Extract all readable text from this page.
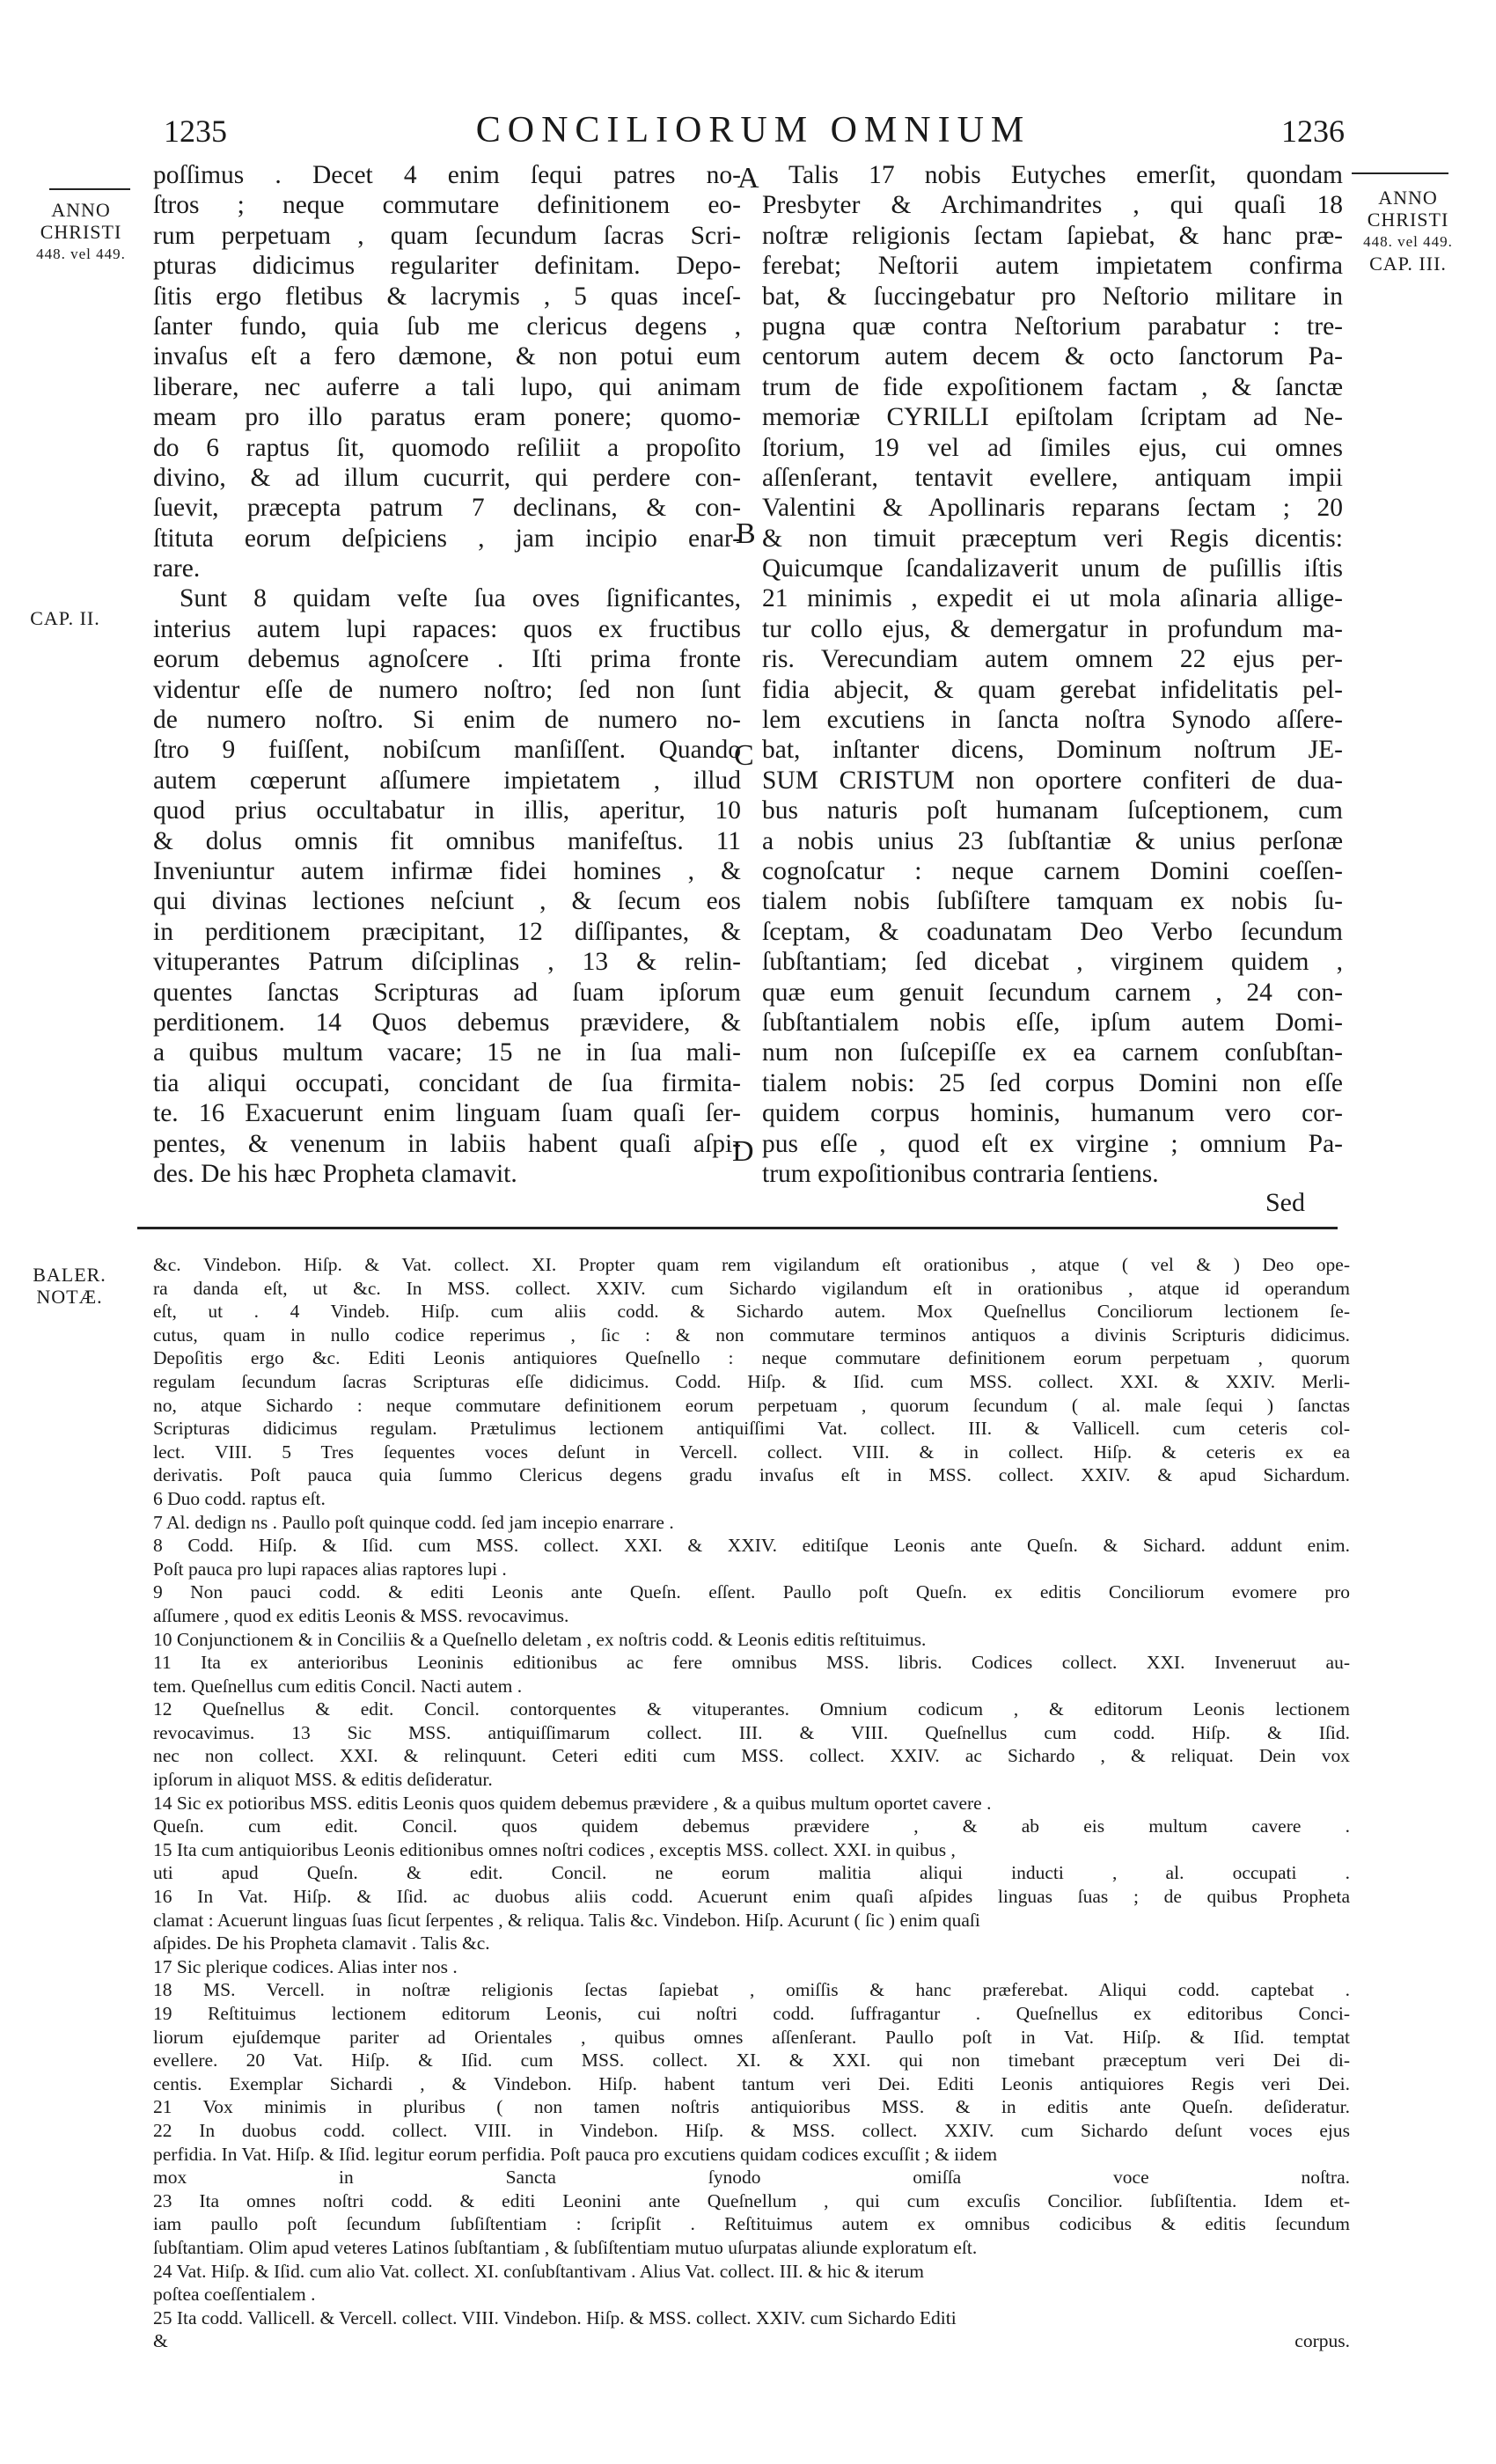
1235	CONCILIORUM OMNIUM	1236
ANNO
CHRISTI
448. vel 449.
CAP. II.
ANNO
CHRISTI
448. vel 449.
CAP. III.
A
B
C
D
poſſimus . Decet 4 enim ſequi patres no-
ſtros ; neque commutare definitionem eo-
rum perpetuam , quam ſecundum ſacras Scri-
pturas didicimus regulariter definitam. Depo-
ſitis ergo fletibus & lacrymis , 5 quas inceſ-
ſanter fundo, quia ſub me clericus degens ,
invaſus eſt a fero dæmone, & non potui eum
liberare, nec auferre a tali lupo, qui animam
meam pro illo paratus eram ponere; quomo-
do 6 raptus ſit, quomodo reſiliit a propoſito
divino, & ad illum cucurrit, qui perdere con-
ſuevit, præcepta patrum 7 declinans, & con-
ſtituta eorum deſpiciens , jam incipio enar-
rare.
Sunt 8 quidam veſte ſua oves ſignificantes,
interius autem lupi rapaces: quos ex fructibus
eorum debemus agnoſcere . Iſti prima fronte
videntur eſſe de numero noſtro; ſed non ſunt
de numero noſtro. Si enim de numero no-
ſtro 9 fuiſſent, nobiſcum manſiſſent. Quando
autem cœperunt aſſumere impietatem , illud
quod prius occultabatur in illis, aperitur, 10
& dolus omnis fit omnibus manifeſtus. 11
Inveniuntur autem infirmæ fidei homines , &
qui divinas lectiones neſciunt , & ſecum eos
in perditionem præcipitant, 12 diſſipantes, &
vituperantes Patrum diſciplinas , 13 & relin-
quentes ſanctas Scripturas ad ſuam ipſorum
perditionem. 14 Quos debemus prævidere, &
a quibus multum vacare; 15 ne in ſua mali-
tia aliqui occupati, concidant de ſua firmita-
te. 16 Exacuerunt enim linguam ſuam quaſi ſer-
pentes, & venenum in labiis habent quaſi aſpi-
des. De his hæc Propheta clamavit.
Talis 17 nobis Eutyches emerſit, quondam
Presbyter & Archimandrites , qui quaſi 18
noſtræ religionis ſectam ſapiebat, & hanc præ-
ferebat; Neſtorii autem impietatem confirma
bat, & ſuccingebatur pro Neſtorio militare in
pugna quæ contra Neſtorium parabatur : tre-
centorum autem decem & octo ſanctorum Pa-
trum de fide expoſitionem factam , & ſanctæ
memoriæ CYRILLI epiſtolam ſcriptam ad Ne-
ſtorium, 19 vel ad ſimiles ejus, cui omnes
aſſenſerant, tentavit evellere, antiquam impii
Valentini & Apollinaris reparans ſectam ; 20
& non timuit præceptum veri Regis dicentis:
Quicumque ſcandalizaverit unum de puſillis iſtis
21 minimis , expedit ei ut mola aſinaria allige-
tur collo ejus, & demergatur in profundum ma-
ris. Verecundiam autem omnem 22 ejus per-
fidia abjecit, & quam gerebat infidelitatis pel-
lem excutiens in ſancta noſtra Synodo aſſere-
bat, inſtanter dicens, Dominum noſtrum JE-
SUM CRISTUM non oportere confiteri de dua-
bus naturis poſt humanam ſuſceptionem, cum
a nobis unius 23 ſubſtantiæ & unius perſonæ
cognoſcatur : neque carnem Domini coeſſen-
tialem nobis ſubſiſtere tamquam ex nobis ſu-
ſceptam, & coadunatam Deo Verbo ſecundum
ſubſtantiam; ſed dicebat , virginem quidem ,
quæ eum genuit ſecundum carnem , 24 con-
ſubſtantialem nobis eſſe, ipſum autem Domi-
num non ſuſcepiſſe ex ea carnem conſubſtan-
tialem nobis: 25 ſed corpus Domini non eſſe
quidem corpus hominis, humanum vero cor-
pus eſſe , quod eſt ex virgine ; omnium Pa-
trum expoſitionibus contraria ſentiens.
Sed
BALER.
NOTÆ.
&c. Vindebon. Hiſp. & Vat. collect. XI. Propter quam rem vigilandum eſt orationibus , atque ( vel & ) Deo ope-
ra danda eſt, ut &c. In MSS. collect. XXIV. cum Sichardo vigilandum eſt in orationibus , atque id operandum
eſt, ut . 4 Vindeb. Hiſp. cum aliis codd. & Sichardo autem. Mox Queſnellus Conciliorum lectionem ſe-
cutus, quam in nullo codice reperimus , ſic : & non commutare terminos antiquos a divinis Scripturis didicimus.
Depoſitis ergo &c. Editi Leonis antiquiores Queſnello : neque commutare definitionem eorum perpetuam , quorum
regulam ſecundum ſacras Scripturas eſſe didicimus. Codd. Hiſp. & Iſid. cum MSS. collect. XXI. & XXIV. Merli-
no, atque Sichardo : neque commutare definitionem eorum perpetuam , quorum ſecundum ( al. male ſequi ) ſanctas
Scripturas didicimus regulam. Prætulimus lectionem antiquiſſimi Vat. collect. III. & Vallicell. cum ceteris col-
lect. VIII. 5 Tres ſequentes voces deſunt in Vercell. collect. VIII. & in collect. Hiſp. & ceteris ex ea
derivatis. Poſt pauca quia ſummo Clericus degens gradu invaſus eſt in MSS. collect. XXIV. & apud Sichardum.
6 Duo codd. raptus eſt.
7 Al. dedign ns . Paullo poſt quinque codd. ſed jam incepio enarrare .
8 Codd. Hiſp. & Iſid. cum MSS. collect. XXI. & XXIV. editiſque Leonis ante Queſn. & Sichard. addunt enim.
Poſt pauca pro lupi rapaces alias raptores lupi .
9 Non pauci codd. & editi Leonis ante Queſn. eſſent. Paullo poſt Queſn. ex editis Conciliorum evomere pro
aſſumere , quod ex editis Leonis & MSS. revocavimus.
10 Conjunctionem & in Conciliis & a Queſnello deletam , ex noſtris codd. & Leonis editis reſtituimus.
11 Ita ex anterioribus Leoninis editionibus ac fere omnibus MSS. libris. Codices collect. XXI. Inveneruut au-
tem. Queſnellus cum editis Concil. Nacti autem .
12 Queſnellus & edit. Concil. contorquentes & vituperantes. Omnium codicum , & editorum Leonis lectionem
revocavimus. 13 Sic MSS. antiquiſſimarum collect. III. & VIII. Queſnellus cum codd. Hiſp. & Iſid.
nec non collect. XXI. & relinquunt. Ceteri editi cum MSS. collect. XXIV. ac Sichardo , & reliquat. Dein vox
ipſorum in aliquot MSS. & editis deſideratur.
14 Sic ex potioribus MSS. editis Leonis quos quidem debemus prævidere , & a quibus multum oportet cavere .
Queſn. cum edit. Concil. quos quidem debemus prævidere , & ab eis multum cavere .
15 Ita cum antiquioribus Leonis editionibus omnes noſtri codices , exceptis MSS. collect. XXI. in quibus ,
uti apud Queſn. & edit. Concil. ne eorum malitia aliqui inducti , al. occupati .
16 In Vat. Hiſp. & Iſid. ac duobus aliis codd. Acuerunt enim quaſi aſpides linguas ſuas ; de quibus Propheta
clamat : Acuerunt linguas ſuas ſicut ſerpentes , & reliqua. Talis &c. Vindebon. Hiſp. Acurunt ( ſic ) enim quaſi
aſpides. De his Propheta clamavit . Talis &c.
17 Sic plerique codices. Alias inter nos .
18 MS. Vercell. in noſtræ religionis ſectas ſapiebat , omiſſis & hanc præferebat. Aliqui codd. captebat .
19 Reſtituimus lectionem editorum Leonis, cui noſtri codd. ſuffragantur . Queſnellus ex editoribus Conci-
liorum ejuſdemque pariter ad Orientales , quibus omnes aſſenſerant. Paullo poſt in Vat. Hiſp. & Iſid. temptat
evellere. 20 Vat. Hiſp. & Iſid. cum MSS. collect. XI. & XXI. qui non timebant præceptum veri Dei di-
centis. Exemplar Sichardi , & Vindebon. Hiſp. habent tantum veri Dei. Editi Leonis antiquiores Regis veri Dei.
21 Vox minimis in pluribus ( non tamen noſtris antiquioribus MSS. & in editis ante Queſn. deſideratur.
22 In duobus codd. collect. VIII. in Vindebon. Hiſp. & MSS. collect. XXIV. cum Sichardo deſunt voces ejus
perfidia. In Vat. Hiſp. & Iſid. legitur eorum perfidia. Poſt pauca pro excutiens quidam codices excuſſit ; & iidem
mox in Sancta ſynodo omiſſa voce noſtra.
23 Ita omnes noſtri codd. & editi Leonini ante Queſnellum , qui cum excuſis Concilior. ſubſiſtentia. Idem et-
iam paullo poſt ſecundum ſubſiſtentiam : ſcripſit . Reſtituimus autem ex omnibus codicibus & editis ſecundum
ſubſtantiam. Olim apud veteres Latinos ſubſtantiam , & ſubſiſtentiam mutuo uſurpatas aliunde exploratum eſt.
24 Vat. Hiſp. & Iſid. cum alio Vat. collect. XI. conſubſtantivam . Alius Vat. collect. III. & hic & iterum
poſtea coeſſentialem .
25 Ita codd. Vallicell. & Vercell. collect. VIII. Vindebon. Hiſp. & MSS. collect. XXIV. cum Sichardo Editi
& corpus.
